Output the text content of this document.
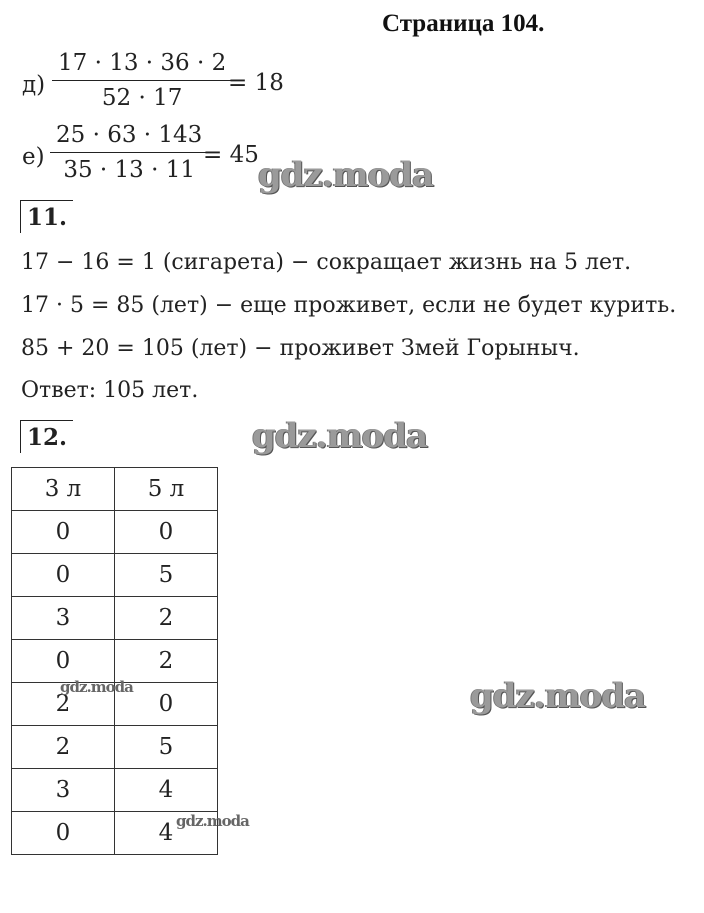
Страница 104.
$д) \frac{17 \cdot 13 \cdot 36 \cdot 2}{52 \cdot 17}$
= 18
$е) \frac{25 \cdot 63 \cdot 143}{35 \cdot 13 \cdot 11}$
= 45
11.
17 − 16 = 1 (сигарета) − сокращает жизнь на 5 лет.
17 · 5 = 85 (лет) − еще проживет, если не будет курить.
85 + 20 = 105 (лет) − проживет Змей Горыныч.
Ответ: 105 лет.
12.
3 л	5 л
0	0
0	5
3	2
0	2
2	0
2	5
3	4
0	4
gdz.moda
gdz.moda
gdz.moda
gdz.moda
gdz.moda
